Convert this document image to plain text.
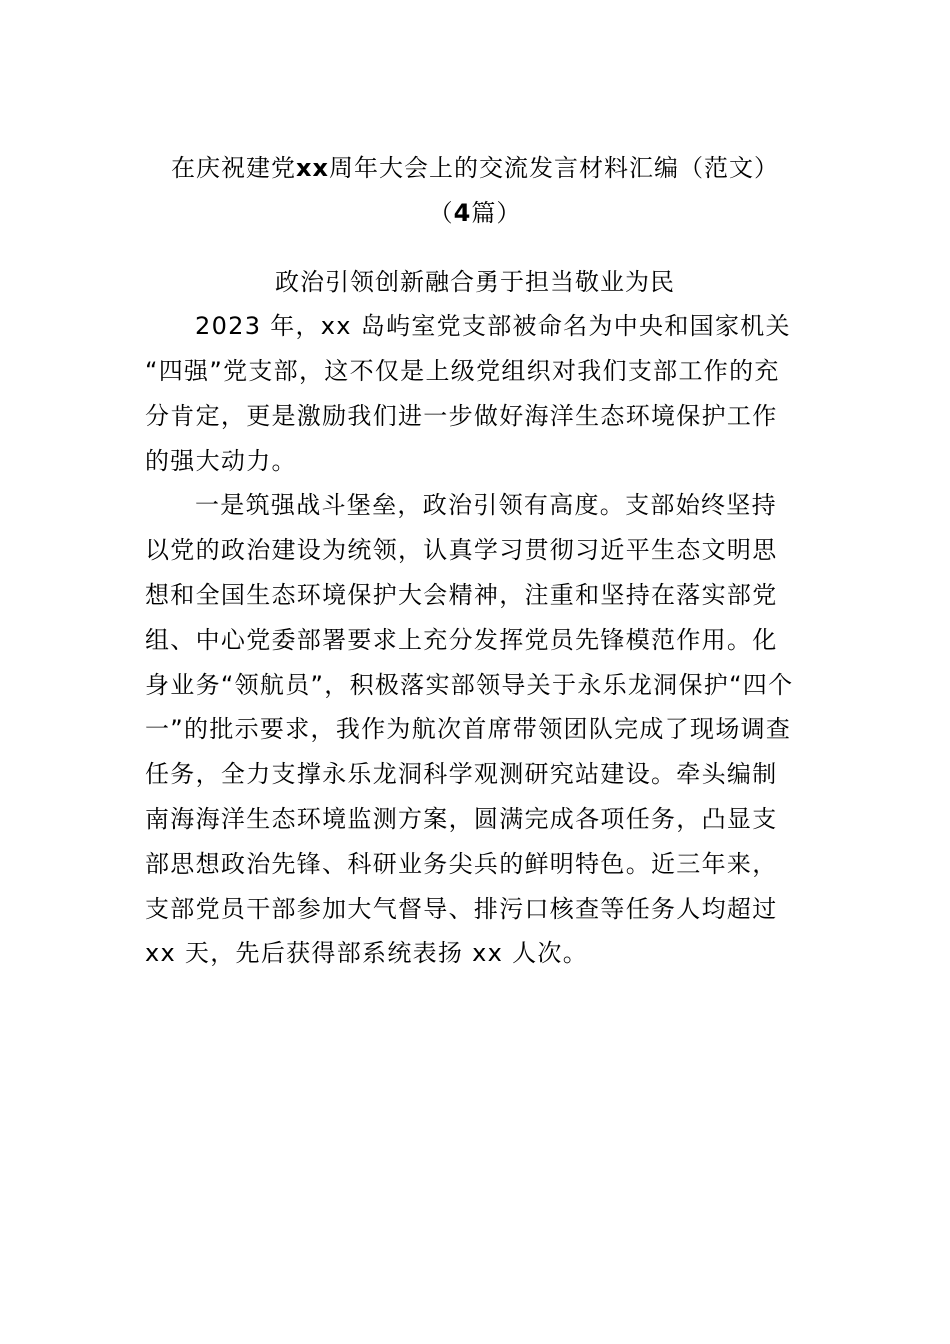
在庆祝建党xx周年大会上的交流发言材料汇编（范文）
（4篇）
政治引领创新融合勇于担当敬业为民
2023 年，xx 岛屿室党支部被命名为中央和国家机关
“四强”党支部，这不仅是上级党组织对我们支部工作的充
分肯定，更是激励我们进一步做好海洋生态环境保护工作
的强大动力。
一是筑强战斗堡垒，政治引领有高度。支部始终坚持
以党的政治建设为统领，认真学习贯彻习近平生态文明思
想和全国生态环境保护大会精神，注重和坚持在落实部党
组、中心党委部署要求上充分发挥党员先锋模范作用。化
身业务“领航员”，积极落实部领导关于永乐龙洞保护“四个
一”的批示要求，我作为航次首席带领团队完成了现场调查
任务，全力支撑永乐龙洞科学观测研究站建设。牵头编制
南海海洋生态环境监测方案，圆满完成各项任务，凸显支
部思想政治先锋、科研业务尖兵的鲜明特色。近三年来，
支部党员干部参加大气督导、排污口核查等任务人均超过
xx 天，先后获得部系统表扬 xx 人次。
